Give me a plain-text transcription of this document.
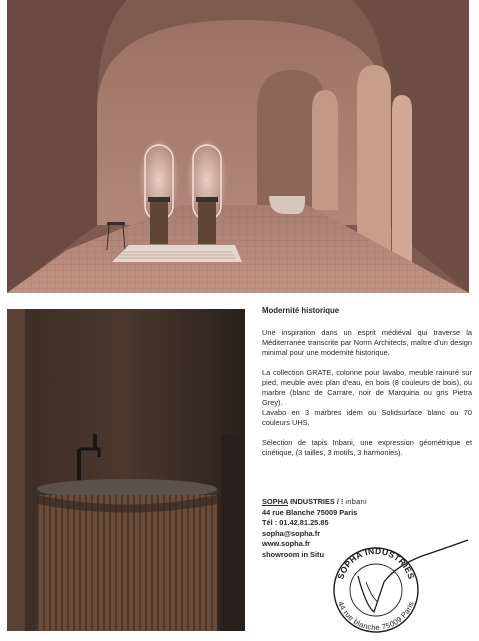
Modernité historique

Une inspiration dans un esprit médiéval qui traverse la Méditerranée transcrite par Norm Architects, maître d'un design minimal pour une modernité historique.

La collection GRATE, colonne pour lavabo, meuble rainuré sur pied, meuble avec plan d'eau, en bois (8 couleurs de bois), ou marbre (blanc de Carrare, noir de Marquina ou gris Pietra Grey).

Lavabo en 3 marbres idem ou Solidsurface blanc ou 70 couleurs UHS.

Sélection de tapis Inbani, une expression géométrique et cinétique, (3 tailles, 3 motifs, 3 harmonies).

SOPHA INDUSTRIES / ⁝ inbani
44 rue Blanche 75009 Paris
Tél : 01.42.81.25.85
sopha@sopha.fr
www.sopha.fr
showroom in Situ
SOPHA INDUSTRIES
44 rue blanche 75009 Paris
